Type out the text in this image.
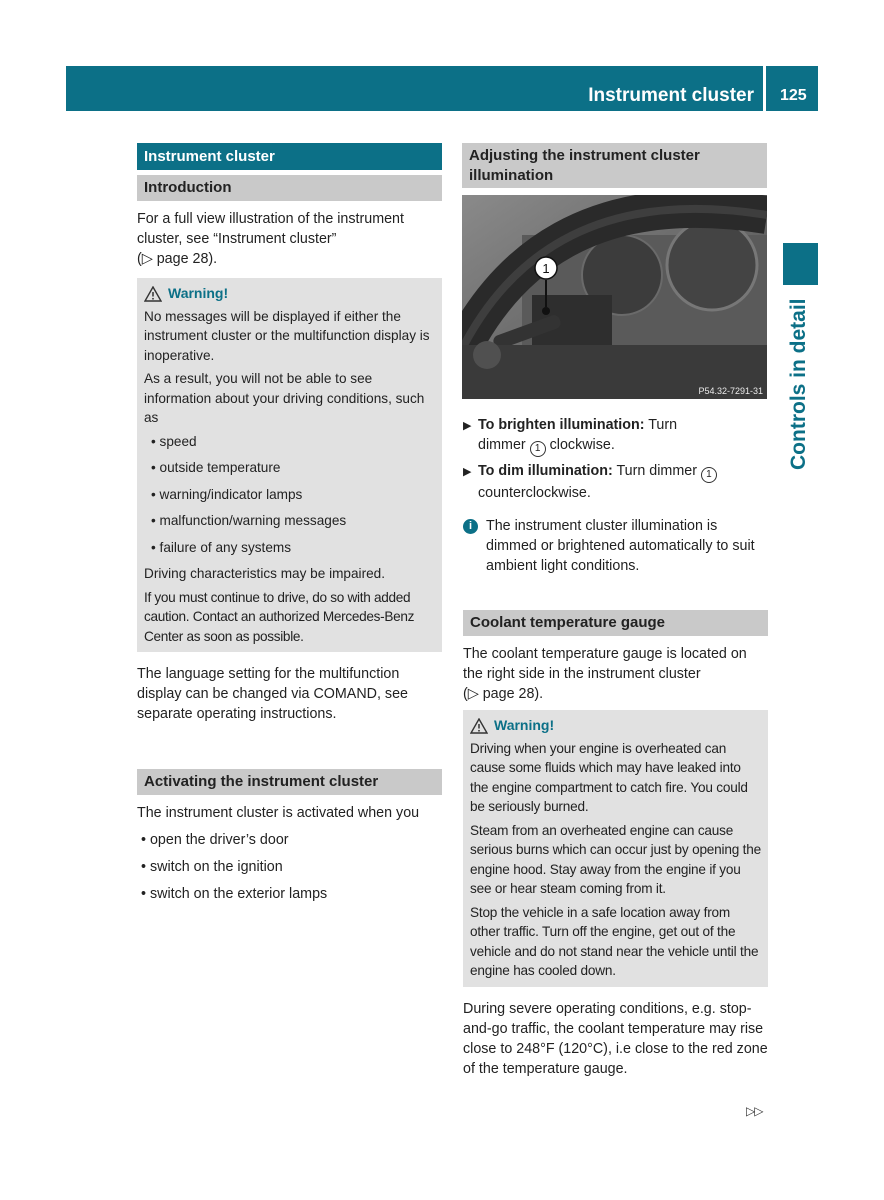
Instrument cluster 125
Controls in detail
Instrument cluster
Introduction
For a full view illustration of the instrument
cluster, see “Instrument cluster”
(▷ page 28).
Warning!

No messages will be displayed if either the instrument cluster or the multifunction display is inoperative.

As a result, you will not be able to see information about your driving conditions, such as

• speed
• outside temperature
• warning/indicator lamps
• malfunction/warning messages
• failure of any systems

Driving characteristics may be impaired.

If you must continue to drive, do so with added caution. Contact an authorized Mercedes-Benz Center as soon as possible.

The language setting for the multifunction display can be changed via COMAND, see separate operating instructions.

Activating the instrument cluster

The instrument cluster is activated when you

• open the driver’s door
• switch on the ignition
• switch on the exterior lamps
Adjusting the instrument cluster illumination
1
P54.32-7291-31
▶ To brighten illumination: Turn
dimmer 1 clockwise.
▶ To dim illumination: Turn dimmer 1
counterclockwise.
i The instrument cluster illumination is dimmed or brightened automatically to suit ambient light conditions.
Coolant temperature gauge
The coolant temperature gauge is located on
the right side in the instrument cluster
(▷ page 28).
Warning!

Driving when your engine is overheated can cause some fluids which may have leaked into the engine compartment to catch fire. You could be seriously burned.

Steam from an overheated engine can cause serious burns which can occur just by opening the engine hood. Stay away from the engine if you see or hear steam coming from it.

Stop the vehicle in a safe location away from other traffic. Turn off the engine, get out of the vehicle and do not stand near the vehicle until the engine has cooled down.

During severe operating conditions, e.g. stop-and-go traffic, the coolant temperature may rise close to 248°F (120°C), i.e close to the red zone of the temperature gauge.

▷▷
